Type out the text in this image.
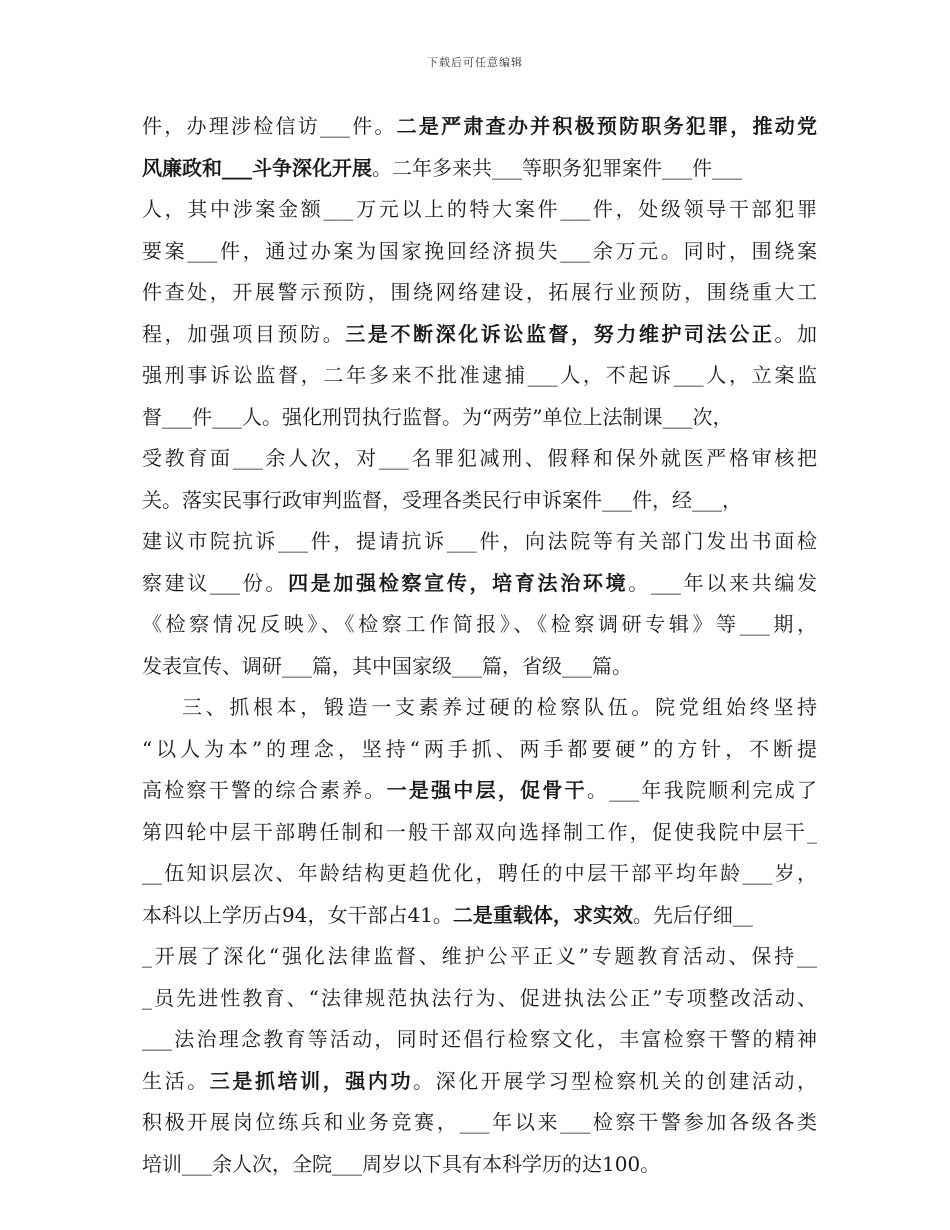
下载后可任意编辑
件，办理涉检信访___件。二是严肃查办并积极预防职务犯罪，推动党
风廉政和___斗争深化开展。二年多来共___等职务犯罪案件___件___
人，其中涉案金额___万元以上的特大案件___件，处级领导干部犯罪
要案___件，通过办案为国家挽回经济损失___余万元。同时，围绕案
件查处，开展警示预防，围绕网络建设，拓展行业预防，围绕重大工
程，加强项目预防。三是不断深化诉讼监督，努力维护司法公正。加
强刑事诉讼监督，二年多来不批准逮捕___人，不起诉___人，立案监
督___件___人。强化刑罚执行监督。为“两劳”单位上法制课___次，
受教育面___余人次，对___名罪犯减刑、假释和保外就医严格审核把
关。落实民事行政审判监督，受理各类民行申诉案件___件，经___，
建议市院抗诉___件，提请抗诉___件，向法院等有关部门发出书面检
察建议___份。四是加强检察宣传，培育法治环境。___年以来共编发
《检察情况反映》、《检察工作简报》、《检察调研专辑》等___期，
发表宣传、调研___篇，其中国家级___篇，省级___篇。
三、抓根本，锻造一支素养过硬的检察队伍。院党组始终坚持
“以人为本”的理念，坚持“两手抓、两手都要硬”的方针，不断提
高检察干警的综合素养。一是强中层，促骨干。___年我院顺利完成了
第四轮中层干部聘任制和一般干部双向选择制工作，促使我院中层干_
__伍知识层次、年龄结构更趋优化，聘任的中层干部平均年龄___岁，
本科以上学历占94，女干部占41。二是重载体，求实效。先后仔细__
_开展了深化“强化法律监督、维护公平正义”专题教育活动、保持__
_员先进性教育、“法律规范执法行为、促进执法公正”专项整改活动、
___法治理念教育等活动，同时还倡行检察文化，丰富检察干警的精神
生活。三是抓培训，强内功。深化开展学习型检察机关的创建活动，
积极开展岗位练兵和业务竞赛，___年以来___检察干警参加各级各类
培训___余人次，全院___周岁以下具有本科学历的达100。
